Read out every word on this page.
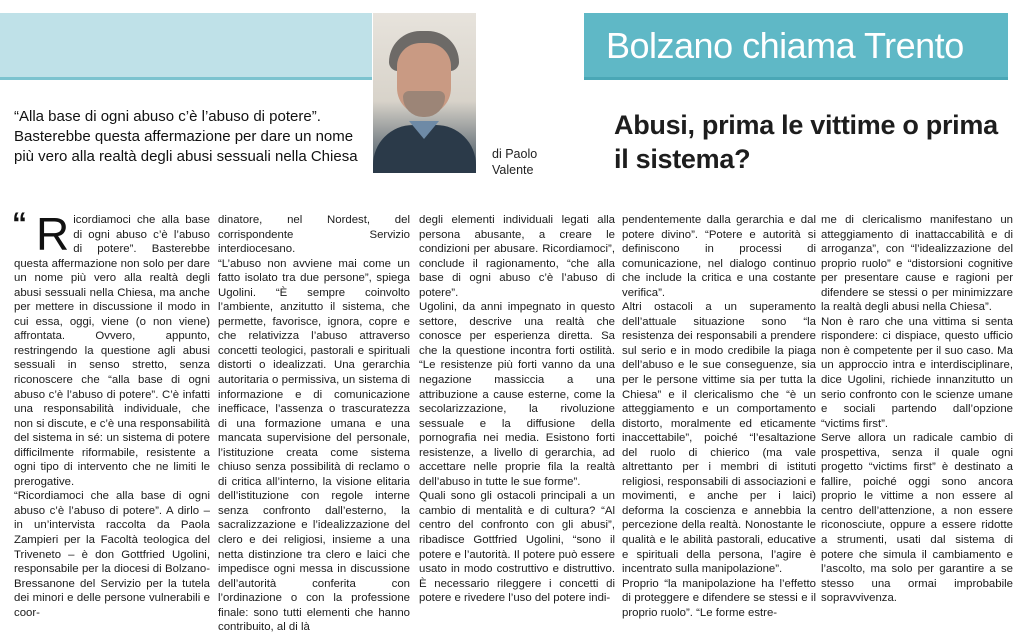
Bolzano chiama Trento
“Alla base di ogni abuso c’è l’abuso di potere”. Basterebbe questa affermazione per dare un nome più vero alla realtà degli abusi sessuali nella Chiesa	di Paolo
Valente
Abusi, prima le vittime o prima il sistema?
“ R icordiamoci che alla base di ogni abuso c’è l’abuso di potere”. Basterebbe questa affermazione non solo per dare un nome più vero alla realtà degli abusi sessuali nella Chiesa, ma anche per mettere in discussione il modo in cui essa, oggi, viene (o non viene) affrontata. Ovvero, appunto, restringendo la questione agli abusi sessuali in senso stretto, senza riconoscere che “alla base di ogni abuso c’è l’abuso di potere”. C’è infatti una responsabilità individuale, che non si discute, e c’è una responsabilità del sistema in sé: un sistema di potere difficilmente riformabile, resistente a ogni tipo di intervento che ne limiti le prerogative.

“Ricordiamoci che alla base di ogni abuso c’è l’abuso di potere”. A dirlo – in un’intervista raccolta da Paola Zampieri per la Facoltà teologica del Triveneto – è don Gottfried Ugolini, responsabile per la diocesi di Bolzano-Bressanone del Servizio per la tutela dei minori e delle persone vulnerabili e coor-

dinatore, nel Nordest, del corrispondente Servizio interdiocesano.

“L’abuso non avviene mai come un fatto isolato tra due persone”, spiega Ugolini. “È sempre coinvolto l’ambiente, anzitutto il sistema, che permette, favorisce, ignora, copre e che relativizza l’abuso attraverso concetti teologici, pastorali e spirituali distorti o idealizzati. Una gerarchia autoritaria o permissiva, un sistema di informazione e di comunicazione inefficace, l’assenza o trascuratezza di una formazione umana e una mancata supervisione del personale, l’istituzione creata come sistema chiuso senza possibilità di reclamo o di critica all’interno, la visione elitaria dell’istituzione con regole interne senza confronto dall’esterno, la sacralizzazione e l’idealizzazione del clero e dei religiosi, insieme a una netta distinzione tra clero e laici che impedisce ogni messa in discussione dell’autorità conferita con l’ordinazione o con la professione finale: sono tutti elementi che hanno contribuito, al di là

degli elementi individuali legati alla persona abusante, a creare le condizioni per abusare. Ricordiamoci”, conclude il ragionamento, “che alla base di ogni abuso c’è l’abuso di potere”.

Ugolini, da anni impegnato in questo settore, descrive una realtà che conosce per esperienza diretta. Sa che la questione incontra forti ostilità. “Le resistenze più forti vanno da una negazione massiccia a una attribuzione a cause esterne, come la secolarizzazione, la rivoluzione sessuale e la diffusione della pornografia nei media. Esistono forti resistenze, a livello di gerarchia, ad accettare nelle proprie fila la realtà dell’abuso in tutte le sue forme”.

Quali sono gli ostacoli principali a un cambio di mentalità e di cultura? “Al centro del confronto con gli abusi”, ribadisce Gottfried Ugolini, “sono il potere e l’autorità. Il potere può essere usato in modo costruttivo e distruttivo. È necessario rileggere i concetti di potere e rivedere l’uso del potere indi-

pendentemente dalla gerarchia e dal potere divino”. “Potere e autorità si definiscono in processi di comunicazione, nel dialogo continuo che include la critica e una costante verifica”.

Altri ostacoli a un superamento dell’attuale situazione sono “la resistenza dei responsabili a prendere sul serio e in modo credibile la piaga dell’abuso e le sue conseguenze, sia per le persone vittime sia per tutta la Chiesa” e il clericalismo che “è un atteggiamento e un comportamento distorto, moralmente ed eticamente inaccettabile”, poiché “l’esaltazione del ruolo di chierico (ma vale altrettanto per i membri di istituti religiosi, responsabili di associazioni e movimenti, e anche per i laici) deforma la coscienza e annebbia la percezione della realtà. Nonostante le qualità e le abilità pastorali, educative e spirituali della persona, l’agire è incentrato sulla manipolazione”.

Proprio “la manipolazione ha l’effetto di proteggere e difendere se stessi e il proprio ruolo”. “Le forme estre-

me di clericalismo manifestano un atteggiamento di inattaccabilità e di arroganza”, con “l’idealizzazione del proprio ruolo” e “distorsioni cognitive per presentare cause e ragioni per difendere se stessi o per minimizzare la realtà degli abusi nella Chiesa”.

Non è raro che una vittima si senta rispondere: ci dispiace, questo ufficio non è competente per il suo caso. Ma un approccio intra e interdisciplinare, dice Ugolini, richiede innanzitutto un serio confronto con le scienze umane e sociali partendo dall’opzione “victims first”.

Serve allora un radicale cambio di prospettiva, senza il quale ogni progetto “victims first” è destinato a fallire, poiché oggi sono ancora proprio le vittime a non essere al centro dell’attenzione, a non essere riconosciute, oppure a essere ridotte a strumenti, usati dal sistema di potere che simula il cambiamento e l’ascolto, ma solo per garantire a se stesso una ormai improbabile sopravvivenza.
